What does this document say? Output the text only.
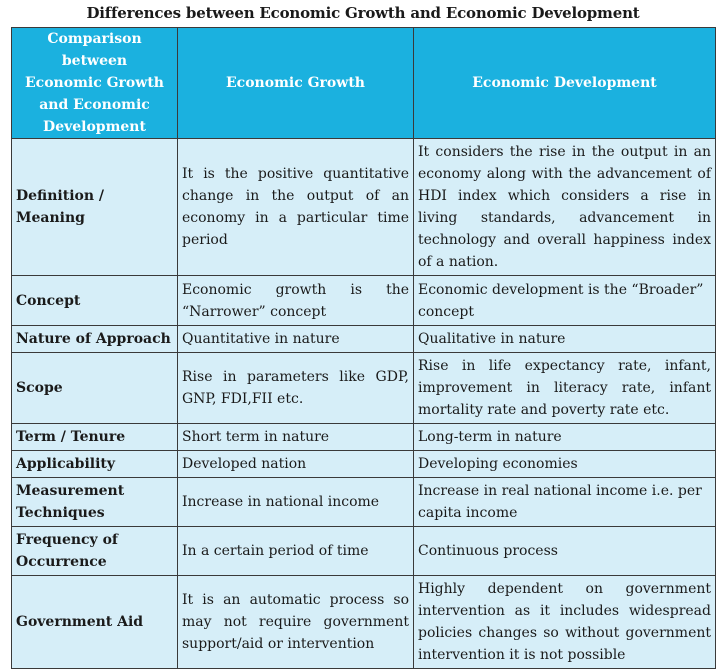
Differences between Economic Growth and Economic Development
Comparison between Economic Growth and Economic Development	Economic Growth	Economic Development
Definition / Meaning	It is the positive quantitative change in the output of an economy in a particular time period	It considers the rise in the output in an economy along with the advancement of HDI index which considers a rise in living standards, advancement in technology and overall happiness index of a nation.
Concept	Economic growth is the “Narrower” concept	Economic development is the “Broader” concept
Nature of Approach	Quantitative in nature	Qualitative in nature
Scope	Rise in parameters like GDP, GNP, FDI,FII etc.	Rise in life expectancy rate, infant, improvement in literacy rate, infant mortality rate and poverty rate etc.
Term / Tenure	Short term in nature	Long-term in nature
Applicability	Developed nation	Developing economies
Measurement Techniques	Increase in national income	Increase in real national income i.e. per capita income
Frequency of Occurrence	In a certain period of time	Continuous process
Government Aid	It is an automatic process so may not require government support/aid or intervention	Highly dependent on government intervention as it includes widespread policies changes so without government intervention it is not possible
